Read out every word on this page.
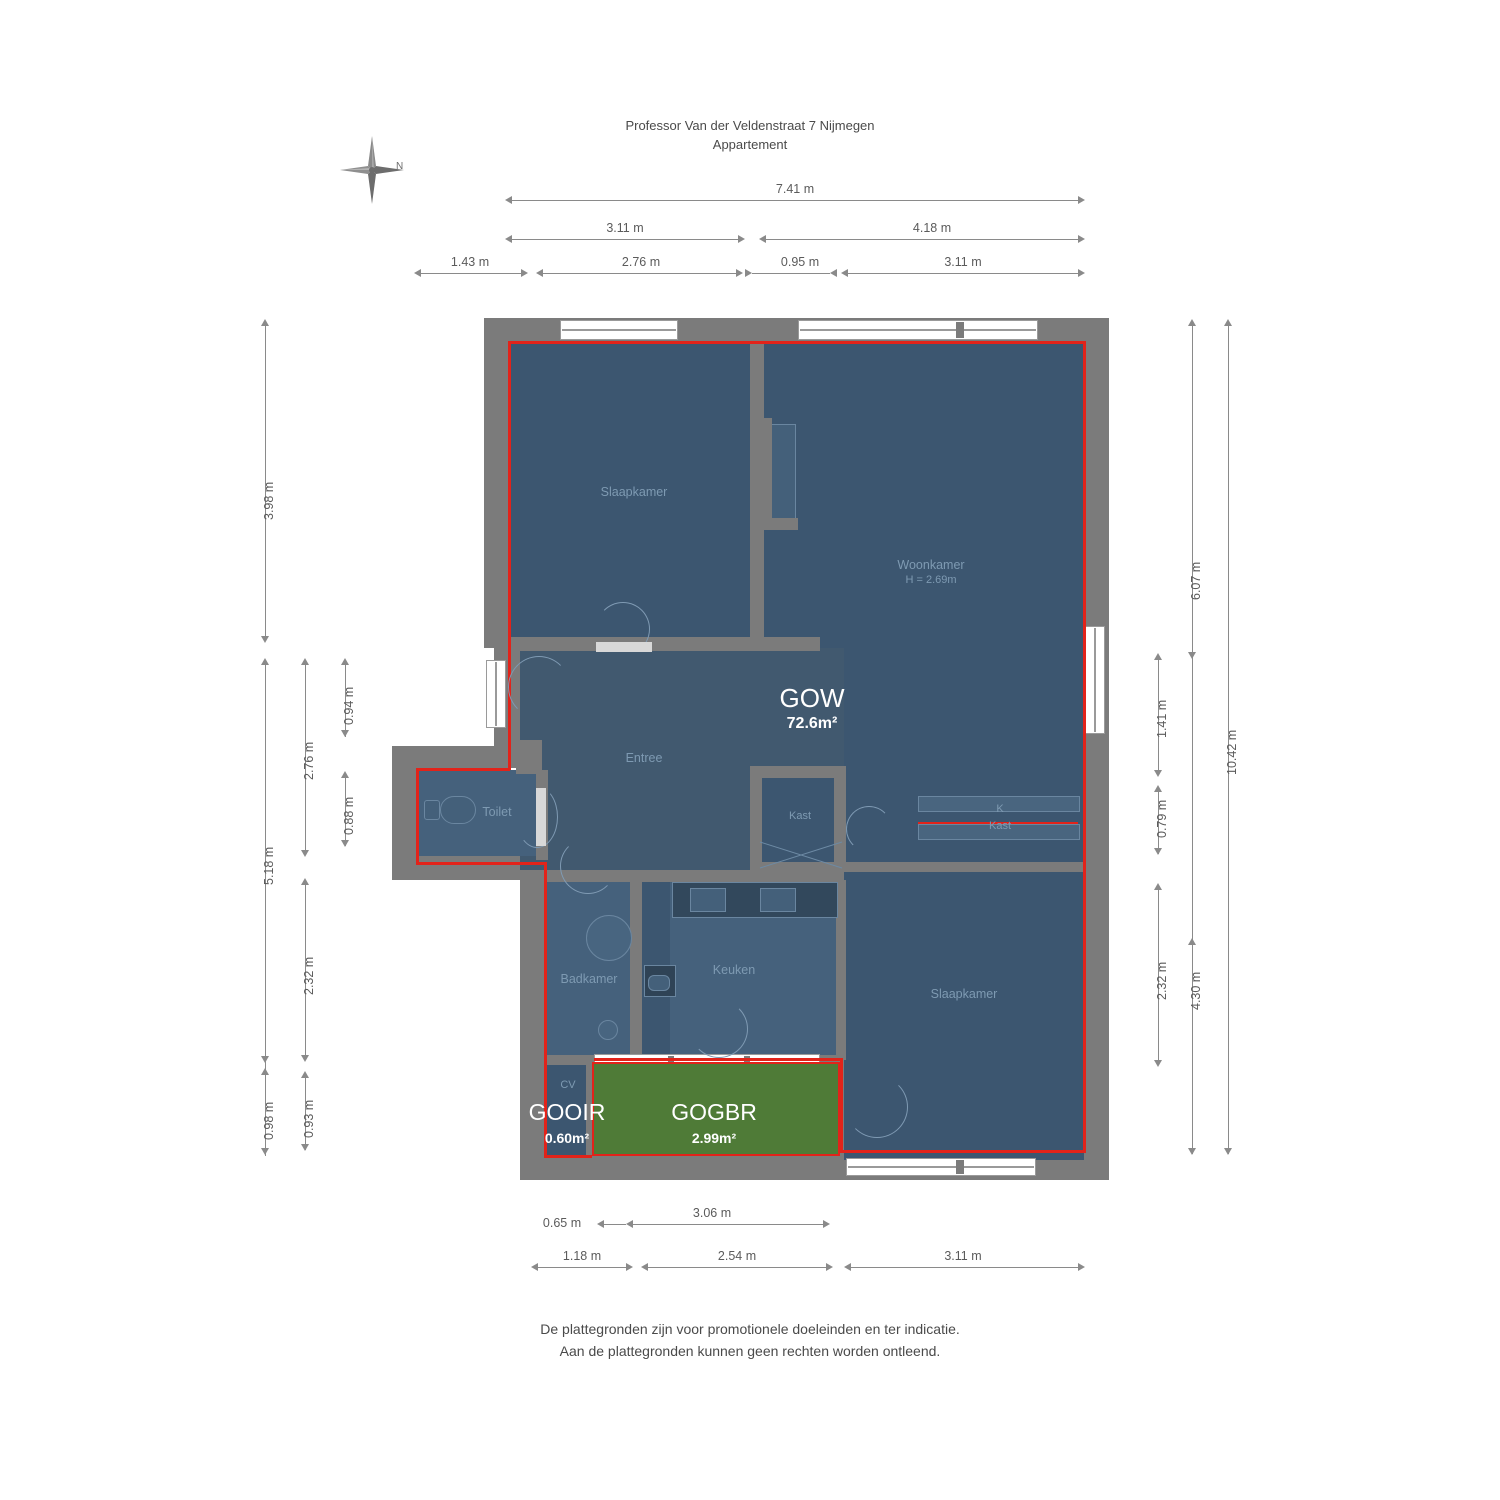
Professor Van der Veldenstraat 7 Nijmegen
Appartement
N
7.41 m
3.11 m	4.18 m
1.43 m	2.76 m	0.95 m	3.11 m
3.98 m
5.18 m
0.98 m
2.76 m
2.32 m
0.93 m
0.94 m
0.88 m
6.07 m
4.30 m
10.42 m
1.41 m
0.79 m
2.32 m
0.65 m
3.06 m
1.18 m	2.54 m	3.11 m
Slaapkamer
Woonkamer
H = 2.69m
Entree
Toilet	Kast
Kast
K
Badkamer
Keuken
Slaapkamer
CV
GOW
72.6m²
GOOIR
0.60m²
GOGBR
2.99m²
De plattegronden zijn voor promotionele doeleinden en ter indicatie.
Aan de plattegronden kunnen geen rechten worden ontleend.
